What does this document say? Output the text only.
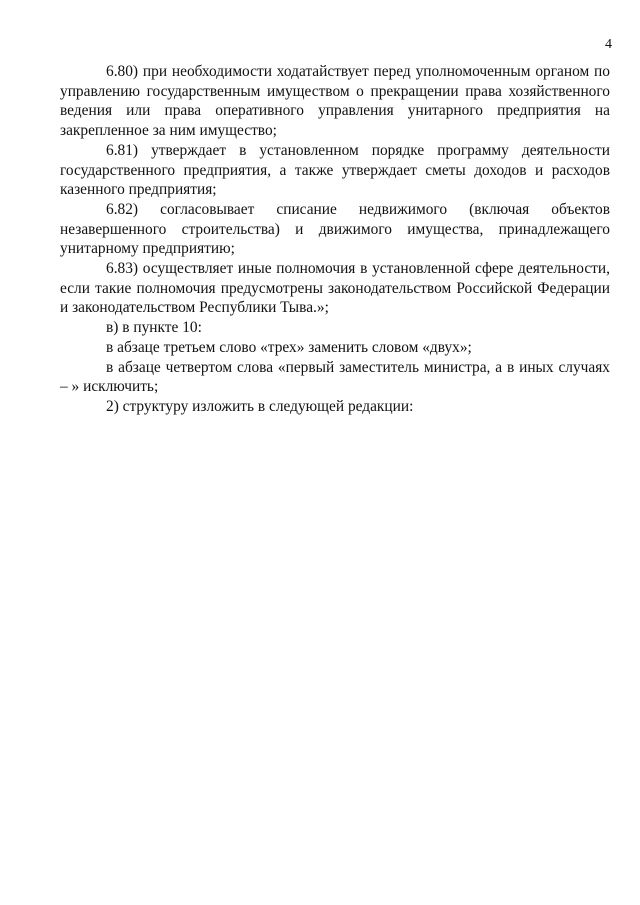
4

6.80) при необходимости ходатайствует перед уполномоченным органом по управлению государственным имуществом о прекращении права хозяйственного ведения или права оперативного управления унитарного предприятия на закрепленное за ним имущество;

6.81) утверждает в установленном порядке программу деятельности государственного предприятия, а также утверждает сметы доходов и расходов казенного предприятия;

6.82) согласовывает списание недвижимого (включая объектов незавершенного строительства) и движимого имущества, принадлежащего унитарному предприятию;

6.83) осуществляет иные полномочия в установленной сфере деятельности, если такие полномочия предусмотрены законодательством Российской Федерации и законодательством Республики Тыва.»;

в) в пункте 10:

в абзаце третьем слово «трех» заменить словом «двух»;

в абзаце четвертом слова «первый заместитель министра, а в иных случаях – » исключить;

2) структуру изложить в следующей редакции:
